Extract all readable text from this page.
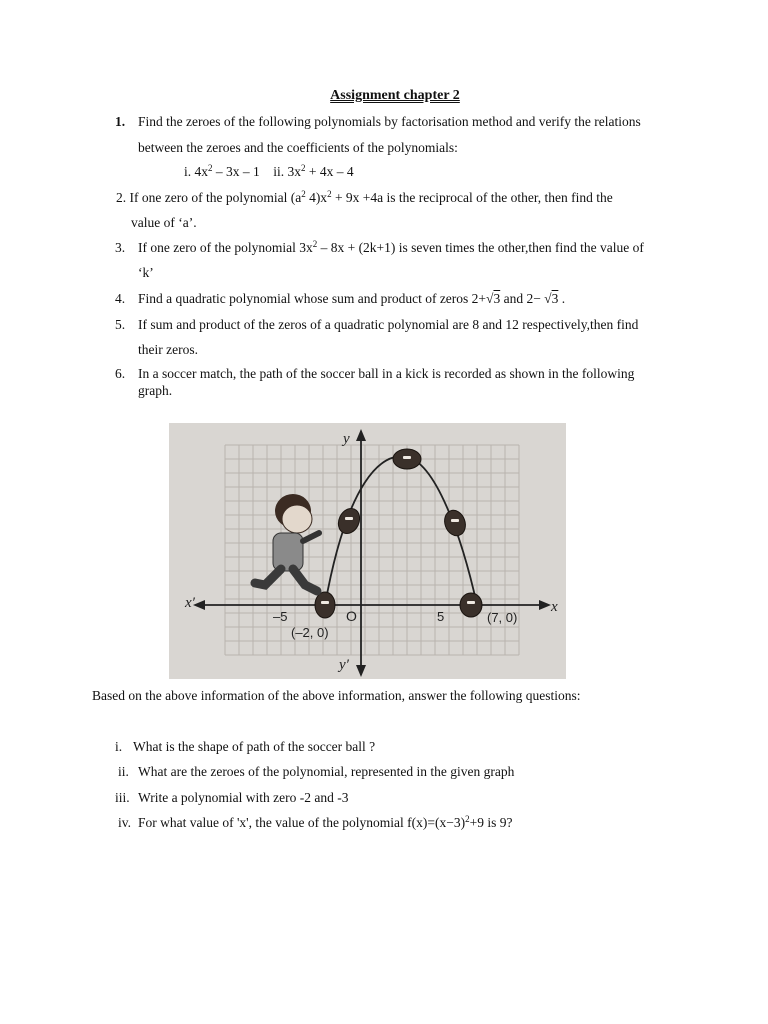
Assignment chapter 2
1. Find the zeroes of the following polynomials by factorisation method and verify the relations
between the zeroes and the coefficients of the polynomials:
i. $4x^2 - 3x - 1$ ii. $3x^2 + 4x - 4$
2. If one zero of the polynomial ($a^2$ $4)x^2 + 9x +4a$ is the reciprocal of the other, then find the
value of ‘a’.
3. If one zero of the polynomial $3x^2 - 8x + (2k+1)$ is seven times the other,then find the value of
‘k’
4. Find a quadratic polynomial whose sum and product of zeros 2+√3 and 2− √3 .
5. If sum and product of the zeros of a quadratic polynomial are 8 and 12 respectively,then find
their zeros.
6. In a soccer match, the path of the soccer ball in a kick is recorded as shown in the following
graph.
y
x
x′
y′
O
–5	5
(–2, 0)
(7, 0)
Based on the above information of the above information, answer the following questions:
i. What is the shape of path of the soccer ball ?
ii. What are the zeroes of the polynomial, represented in the given graph
iii. Write a polynomial with zero -2 and -3
iv. For what value of 'x', the value of the polynomial $f(x)=(x-3)^2+9$ is 9?
